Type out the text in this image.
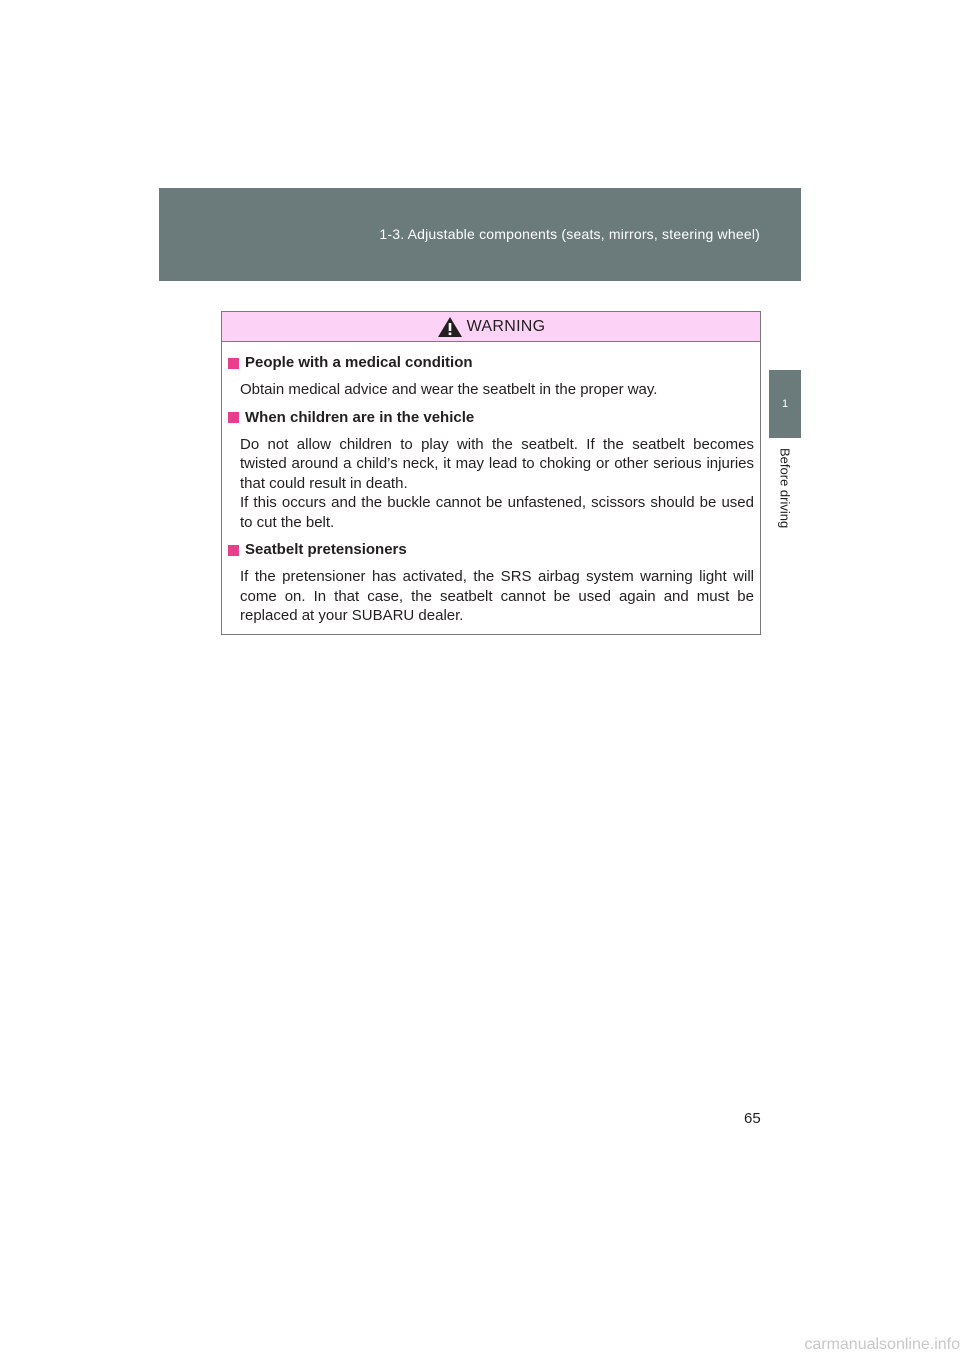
1-3. Adjustable components (seats, mirrors, steering wheel)
1
Before driving
WARNING
People with a medical condition

Obtain medical advice and wear the seatbelt in the proper way.

When children are in the vehicle

Do not allow children to play with the seatbelt. If the seatbelt becomes twisted around a child’s neck, it may lead to choking or other serious injuries that could result in death.

If this occurs and the buckle cannot be unfastened, scissors should be used to cut the belt.

Seatbelt pretensioners

If the pretensioner has activated, the SRS airbag system warning light will come on. In that case, the seatbelt cannot be used again and must be replaced at your SUBARU dealer.

65
carmanualsonline.info
